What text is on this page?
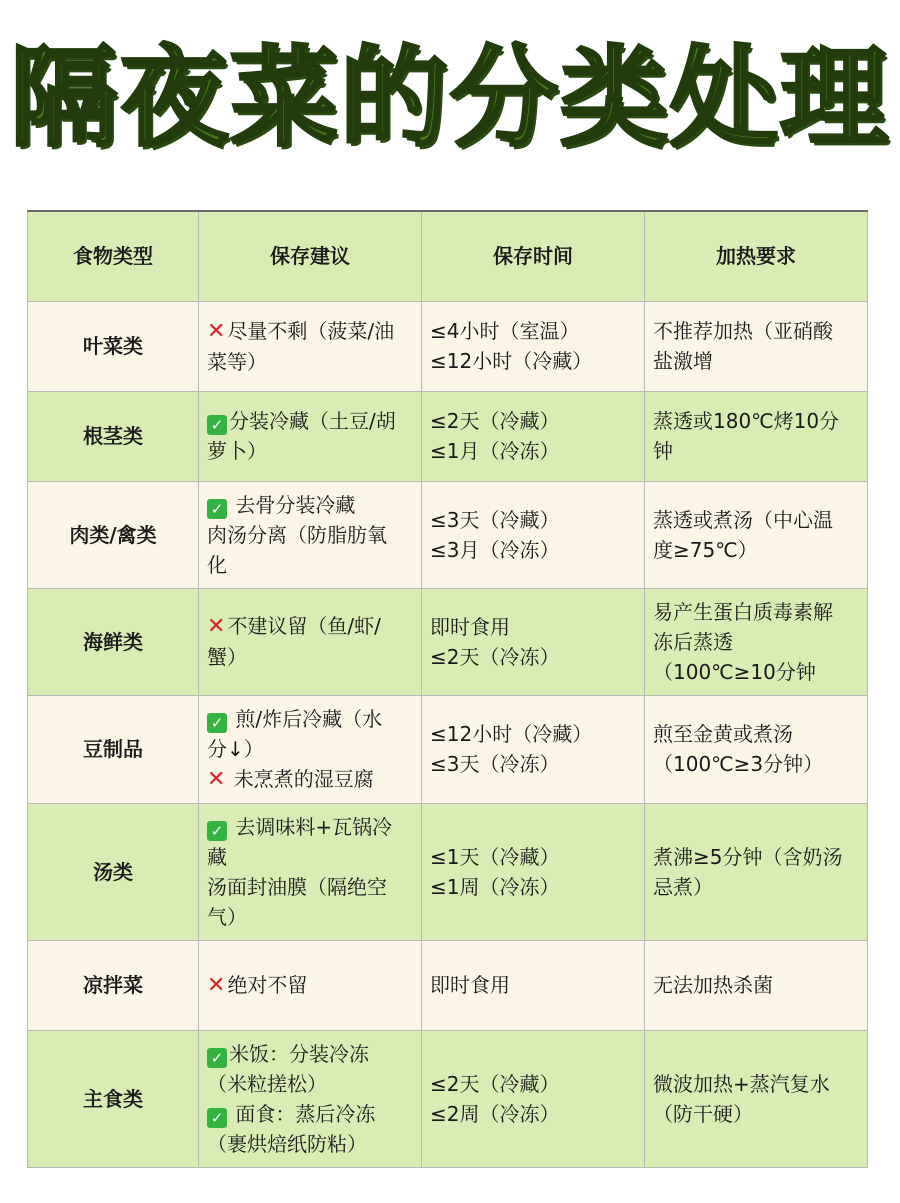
隔夜菜的分类处理
食物类型	保存建议	保存时间	加热要求
叶菜类	✕ 尽量不剩（菠菜/油
菜等）	≤4小时（室温）
≤12小时（冷藏）	不推荐加热（亚硝酸
盐激增

根茎类	✓ 分装冷藏（土豆/胡
萝卜）	≤2天（冷藏）
≤1月（冷冻）	蒸透或180℃烤10分
钟

肉类/禽类	✓ 去骨分装冷藏
肉汤分离（防脂肪氧
化	≤3天（冷藏）
≤3月（冷冻）	蒸透或煮汤（中心温
度≥75℃）

海鲜类	✕ 不建议留（鱼/虾/
蟹）	即时食用
≤2天（冷冻）	易产生蛋白质毒素解
冻后蒸透
（100℃≥10分钟

豆制品	✓ 煎/炸后冷藏（水
分↓）
✕ 未烹煮的湿豆腐	≤12小时（冷藏）
≤3天（冷冻）	煎至金黄或煮汤
（100℃≥3分钟）

汤类	✓ 去调味料+瓦锅冷
藏
汤面封油膜（隔绝空
气）	≤1天（冷藏）
≤1周（冷冻）	煮沸≥5分钟（含奶汤
忌煮）

凉拌菜	✕ 绝对不留	即时食用	无法加热杀菌

主食类	✓ 米饭：分装冷冻
（米粒搓松）
✓ 面食：蒸后冷冻
（裹烘焙纸防粘）	≤2天（冷藏）
≤2周（冷冻）	微波加热+蒸汽复水
（防干硬）
